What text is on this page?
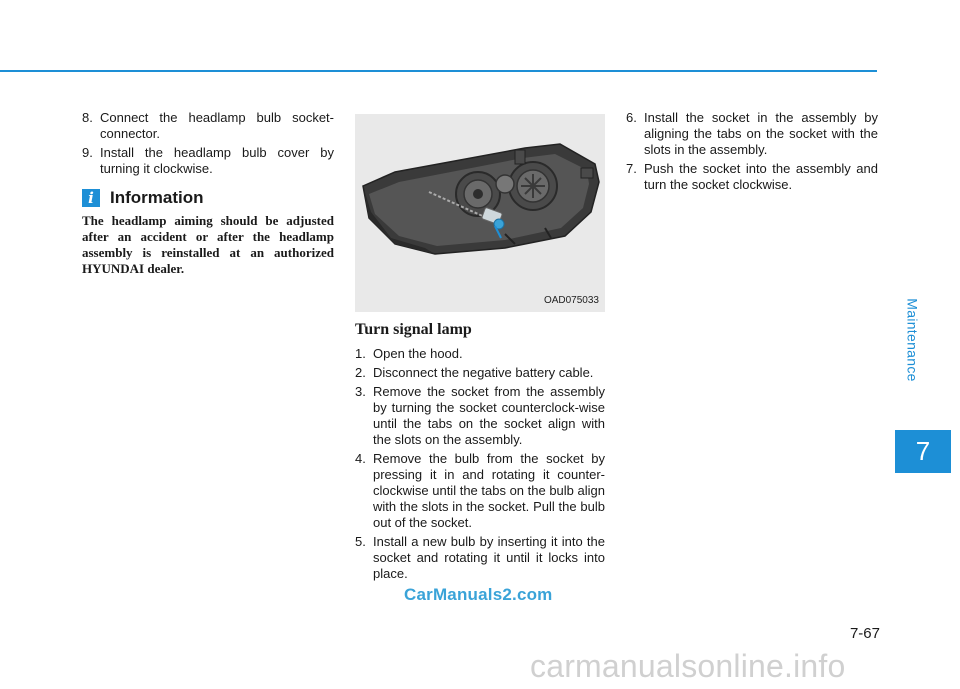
Maintenance
7
8. Connect the headlamp bulb socket-connector.
9. Install the headlamp bulb cover by turning it clockwise.
i Information
The headlamp aiming should be adjusted after an accident or after the headlamp assembly is reinstalled at an authorized HYUNDAI dealer.
OAD075033
Turn signal lamp
1. Open the hood.
2. Disconnect the negative battery cable.
3. Remove the socket from the assembly by turning the socket counterclock-wise until the tabs on the socket align with the slots on the assembly.
4. Remove the bulb from the socket by pressing it in and rotating it counter-clockwise until the tabs on the bulb align with the slots in the socket. Pull the bulb out of the socket.
5. Install a new bulb by inserting it into the socket and rotating it until it locks into place.
6. Install the socket in the assembly by aligning the tabs on the socket with the slots in the assembly.
7. Push the socket into the assembly and turn the socket clockwise.
7-67
CarManuals2.com
carmanualsonline.info
